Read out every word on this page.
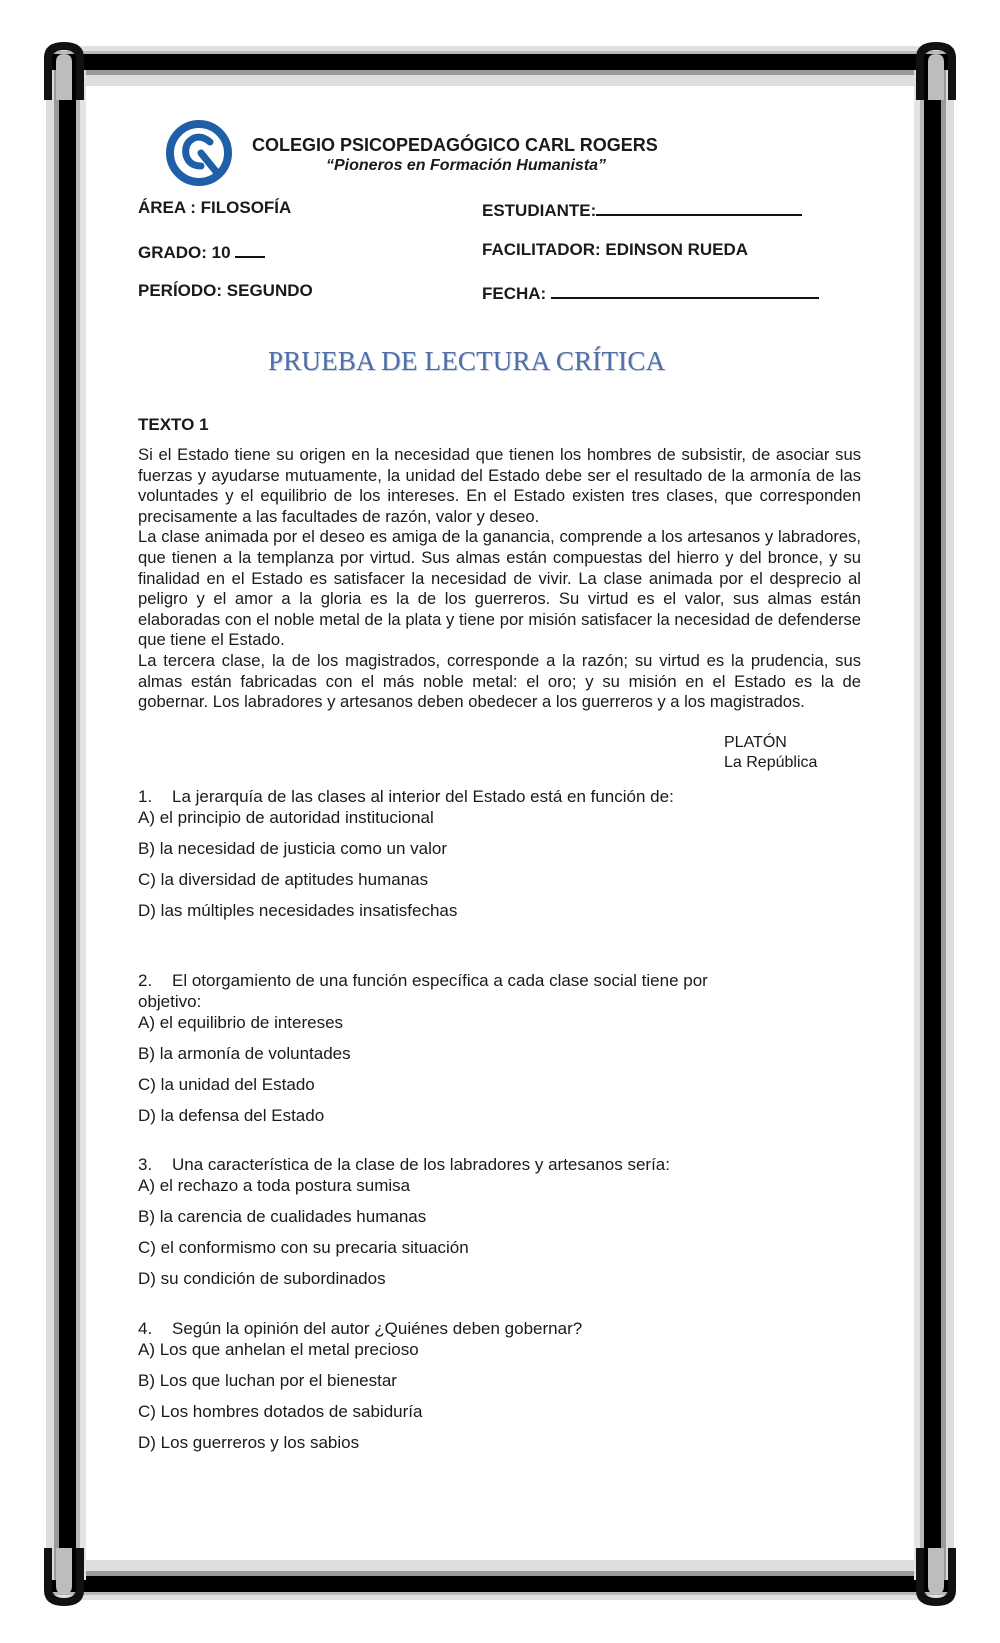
COLEGIO PSICOPEDAGÓGICO CARL ROGERS
“Pioneros en Formación Humanista”
ÁREA : FILOSOFÍA
GRADO: 10
PERÍODO: SEGUNDO
ESTUDIANTE:
FACILITADOR: EDINSON RUEDA
FECHA:
PRUEBA DE LECTURA CRÍTICA
TEXTO 1

Si el Estado tiene su origen en la necesidad que tienen los hombres de subsistir, de asociar sus fuerzas y ayudarse mutuamente, la unidad del Estado debe ser el resultado de la armonía de las voluntades y el equilibrio de los intereses. En el Estado existen tres clases, que corresponden precisamente a las facultades de razón, valor y deseo.

La clase animada por el deseo es amiga de la ganancia, comprende a los artesanos y labradores, que tienen a la templanza por virtud. Sus almas están compuestas del hierro y del bronce, y su finalidad en el Estado es satisfacer la necesidad de vivir. La clase animada por el desprecio al peligro y el amor a la gloria es la de los guerreros. Su virtud es el valor, sus almas están elaboradas con el noble metal de la plata y tiene por misión satisfacer la necesidad de defenderse que tiene el Estado.

La tercera clase, la de los magistrados, corresponde a la razón; su virtud es la prudencia, sus almas están fabricadas con el más noble metal: el oro; y su misión en el Estado es la de gobernar. Los labradores y artesanos deben obedecer a los guerreros y a los magistrados.

PLATÓN
La República
1. La jerarquía de las clases al interior del Estado está en función de:
A) el principio de autoridad institucional
B) la necesidad de justicia como un valor
C) la diversidad de aptitudes humanas
D) las múltiples necesidades insatisfechas
2. El otorgamiento de una función específica a cada clase social tiene por objetivo:
A) el equilibrio de intereses
B) la armonía de voluntades
C) la unidad del Estado
D) la defensa del Estado
3. Una característica de la clase de los labradores y artesanos sería:
A) el rechazo a toda postura sumisa
B) la carencia de cualidades humanas
C) el conformismo con su precaria situación
D) su condición de subordinados
4. Según la opinión del autor ¿Quiénes deben gobernar?
A) Los que anhelan el metal precioso
B) Los que luchan por el bienestar
C) Los hombres dotados de sabiduría
D) Los guerreros y los sabios
